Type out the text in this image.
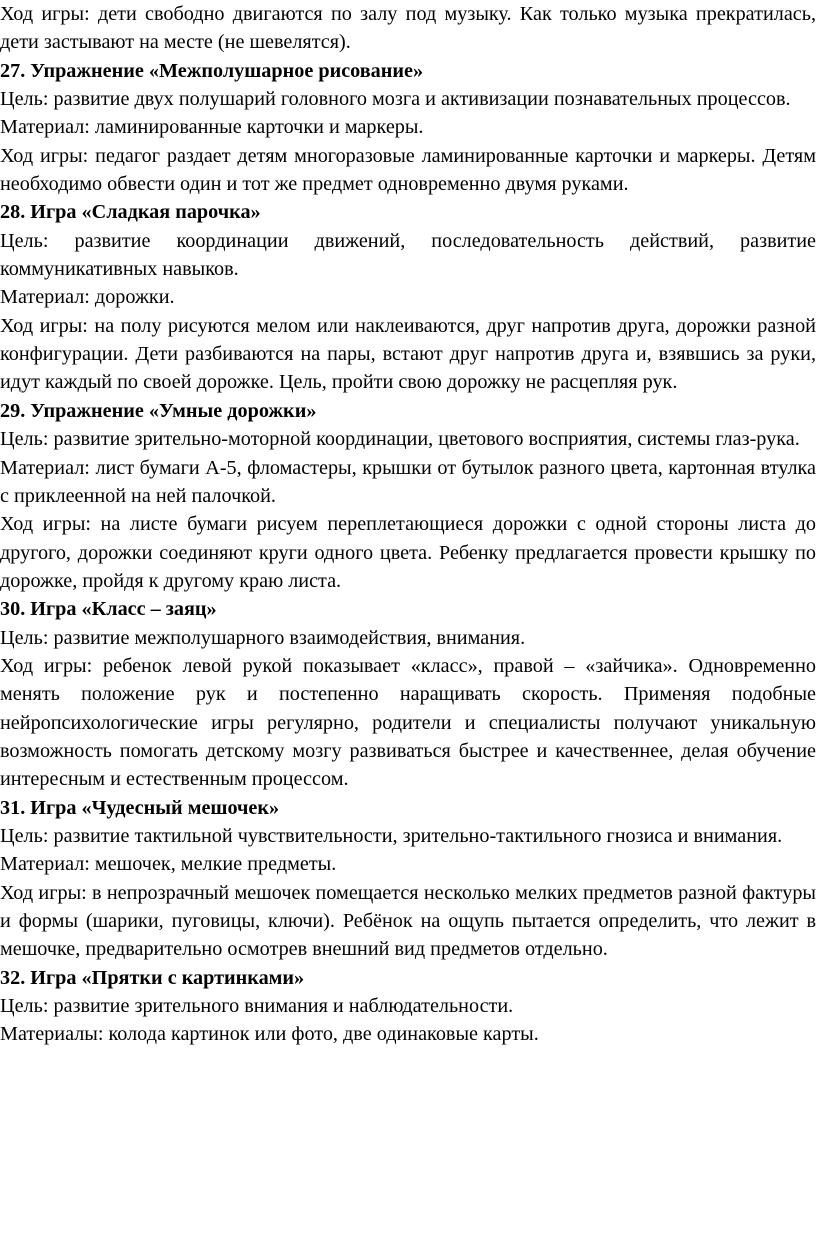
Ход игры: дети свободно двигаются по залу под музыку. Как только музыка прекратилась, дети застывают на месте (не шевелятся).

27. Упражнение «Межполушарное рисование»

Цель: развитие двух полушарий головного мозга и активизации познавательных процессов.

Материал: ламинированные карточки и маркеры.

Ход игры: педагог раздает детям многоразовые ламинированные карточки и маркеры. Детям необходимо обвести один и тот же предмет одновременно двумя руками.

28. Игра «Сладкая парочка»

Цель: развитие координации движений, последовательность действий, развитие коммуникативных навыков.

Материал: дорожки.

Ход игры: на полу рисуются мелом или наклеиваются, друг напротив друга, дорожки разной конфигурации. Дети разбиваются на пары, встают друг напротив друга и, взявшись за руки, идут каждый по своей дорожке. Цель, пройти свою дорожку не расцепляя рук.

29. Упражнение «Умные дорожки»

Цель: развитие зрительно-моторной координации, цветового восприятия, системы глаз-рука.

Материал: лист бумаги А-5, фломастеры, крышки от бутылок разного цвета, картонная втулка с приклеенной на ней палочкой.

Ход игры: на листе бумаги рисуем переплетающиеся дорожки с одной стороны листа до другого, дорожки соединяют круги одного цвета. Ребенку предлагается провести крышку по дорожке, пройдя к другому краю листа.

30. Игра «Класс – заяц»

Цель: развитие межполушарного взаимодействия, внимания.

Ход игры: ребенок левой рукой показывает «класс», правой – «зайчика». Одновременно менять положение рук и постепенно наращивать скорость. Применяя подобные нейропсихологические игры регулярно, родители и специалисты получают уникальную возможность помогать детскому мозгу развиваться быстрее и качественнее, делая обучение интересным и естественным процессом.

31. Игра «Чудесный мешочек»

Цель: развитие тактильной чувствительности, зрительно-тактильного гнозиса и внимания.

Материал: мешочек, мелкие предметы.

Ход игры: в непрозрачный мешочек помещается несколько мелких предметов разной фактуры и формы (шарики, пуговицы, ключи). Ребёнок на ощупь пытается определить, что лежит в мешочке, предварительно осмотрев внешний вид предметов отдельно.

32. Игра «Прятки с картинками»

Цель: развитие зрительного внимания и наблюдательности.

Материалы: колода картинок или фото, две одинаковые карты.
